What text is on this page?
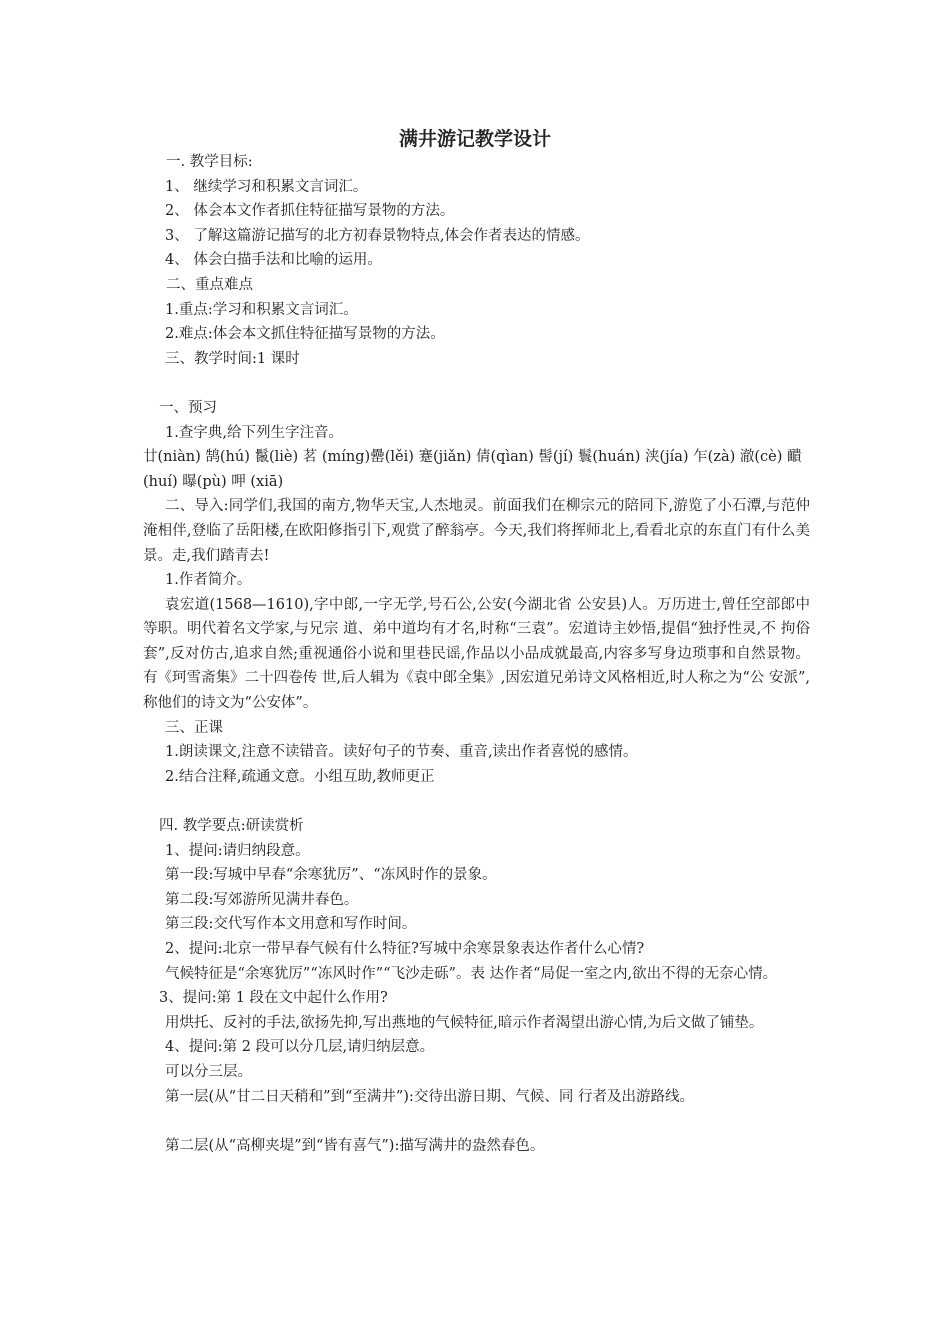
满井游记教学设计
一. 教学目标:
1、 继续学习和积累文言词汇。
2、 体会本文作者抓住特征描写景物的方法。
3、 了解这篇游记描写的北方初春景物特点,体会作者表达的情感。
4、 体会白描手法和比喻的运用。
二、重点难点
1.重点:学习和积累文言词汇。
2.难点:体会本文抓住特征描写景物的方法。
三、教学时间:1 课时
一、预习
1.查字典,给下列生字注音。
廿(niàn) 鹄(hú) 鬣(liè) 茗 (míng)罍(lěi) 蹇(jiǎn) 倩(qìan) 髻(jí) 鬟(huán) 浃(jía) 乍(zà) 澈(cè) 靧(huí) 曝(pù) 呷 (xiā)
二、导入:同学们,我国的南方,物华天宝,人杰地灵。前面我们在柳宗元的陪同下,游览了小石潭,与范仲淹相伴,登临了岳阳楼,在欧阳修指引下,观赏了醉翁亭。今天,我们将挥师北上,看看北京的东直门有什么美景。走,我们踏青去!
1.作者简介。
袁宏道(1568—1610),字中郎,一字无学,号石公,公安(今湖北省 公安县)人。万历进士,曾任空部郎中等职。明代着名文学家,与兄宗 道、弟中道均有才名,时称“三袁”。宏道诗主妙悟,提倡“独抒性灵,不 拘俗套”,反对仿古,追求自然;重视通俗小说和里巷民谣,作品以小品成就最高,内容多写身边琐事和自然景物。有《珂雪斋集》二十四卷传 世,后人辑为《袁中郎全集》,因宏道兄弟诗文风格相近,时人称之为“公 安派”,称他们的诗文为“公安体”。
三、正课
1.朗读课文,注意不读错音。读好句子的节奏、重音,读出作者喜悦的感情。
2.结合注释,疏通文意。小组互助,教师更正
四. 教学要点:研读赏析
1、提问:请归纳段意。
第一段:写城中早春“余寒犹厉”、“冻风时作的景象。
第二段:写郊游所见满井春色。
第三段:交代写作本文用意和写作时间。
2、提问:北京一带早春气候有什么特征?写城中余寒景象表达作者什么心情?
气候特征是“余寒犹厉”“冻风时作”“飞沙走砾”。表 达作者“局促一室之内,欲出不得的无奈心情。
3、提问:第 1 段在文中起什么作用?
用烘托、反衬的手法,欲扬先抑,写出燕地的气候特征,暗示作者渴望出游心情,为后文做了铺垫。
4、提问:第 2 段可以分几层,请归纳层意。
可以分三层。
第一层(从“甘二日天稍和”到“至满井”):交待出游日期、气候、同 行者及出游路线。
第二层(从“高柳夹堤”到“皆有喜气”):描写满井的盎然春色。
